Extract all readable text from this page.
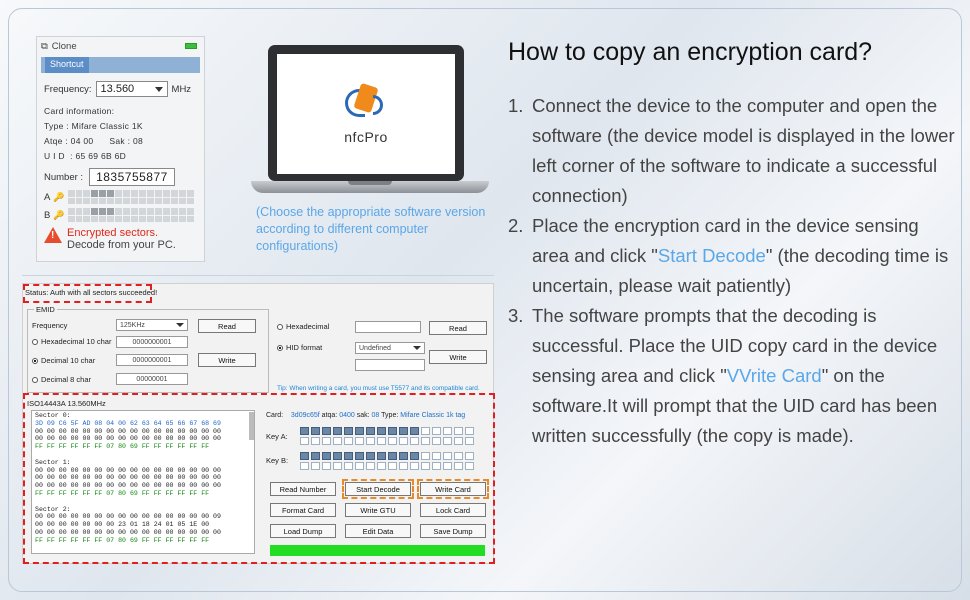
⧉ Clone
Shortcut
Frequency: 13.560	MHz
Card information:
Type : Mifare Classic 1K
Atqe : 04 00      Sak : 08
U I D  : 65 69 6B 6D
Number :	1835755877
A 🔑
B 🔑
! Encrypted sectors.
Decode from your PC.
nfcPro
(Choose the appropriate software version according to different computer configurations)
How to copy an encryption card?
1. Connect the device to the computer and open the software (the device model is displayed in the lower left corner of the software to indicate a successful connection)
2. Place the encryption card in the device sensing area and click "Start Decode" (the decoding time is uncertain, please wait patiently)
3. The software prompts that the decoding is successful. Place the UID copy card in the device sensing area and click "VVrite Card" on the software.It will prompt that the UID card has been written successfully (the copy is made).
Status: Auth with all sectors succeeded!
EMID
Frequency	125KHz	Read
Hexadecimal 10 char	0000000001
Decimal 10 char	0000000001	Write
Decimal 8 char	00000001
Hexadecimal	Read
HID format	Undefined
Write
Tip: When writing a card, you must use T5577 and its compatible card.
ISO14443A 13.560MHz
Sector 0:
3D 09 C6 5F AD 08 04 00 62 63 64 65 66 67 68 69
00 00 00 00 00 00 00 00 00 00 00 00 00 00 00 00
00 00 00 00 00 00 00 00 00 00 00 00 00 00 00 00
FF FF FF FF FF FF 07 80 69 FF FF FF FF FF FF

Sector 1:
00 00 00 00 00 00 00 00 00 00 00 00 00 00 00 00
00 00 00 00 00 00 00 00 00 00 00 00 00 00 00 00
00 00 00 00 00 00 00 00 00 00 00 00 00 00 00 00
FF FF FF FF FF FF 07 80 69 FF FF FF FF FF FF

Sector 2:
00 00 00 00 00 00 00 00 00 00 00 00 00 00 00 09
00 00 00 00 00 00 00 23 01 18 24 01 05 1E 00
00 00 00 00 00 00 00 00 00 00 00 00 00 00 00 00
FF FF FF FF FF FF 07 80 69 FF FF FF FF FF FF
Card: 3d09c65f atqa: 0400 sak: 08 Type: Mifare Classic 1k tag
Key A:
Key B:
Read Number	Start Decode	Write Card
Format Card	Write GTU	Lock Card
Load Dump	Edit Data	Save Dump
